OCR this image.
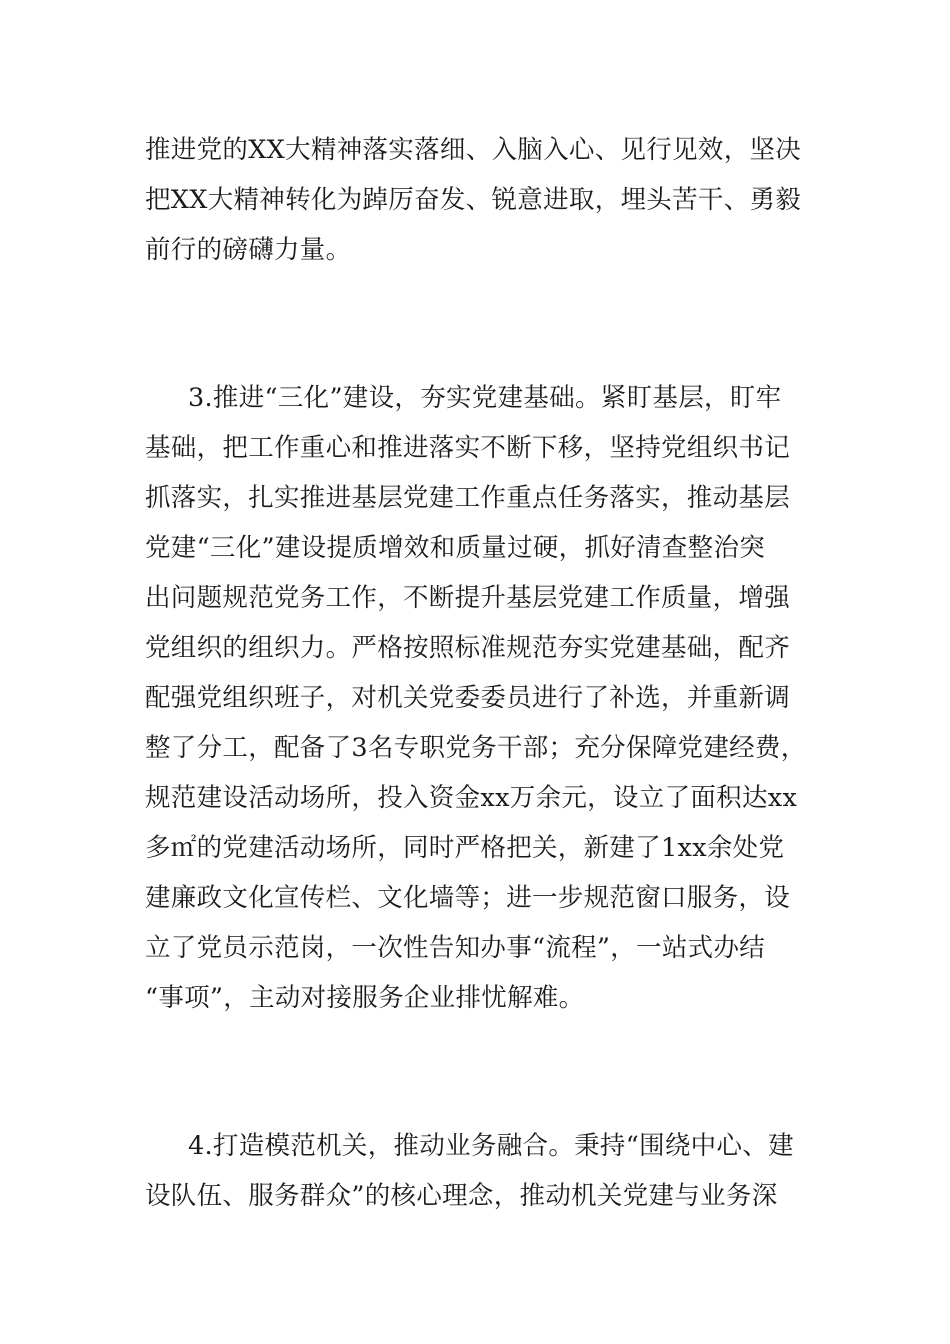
推进党的XX大精神落实落细、入脑入心、见行见效，坚决
把XX大精神转化为踔厉奋发、锐意进取，埋头苦干、勇毅
前行的磅礴力量。
3.推进“三化”建设，夯实党建基础。紧盯基层，盯牢
基础，把工作重心和推进落实不断下移，坚持党组织书记
抓落实，扎实推进基层党建工作重点任务落实，推动基层
党建“三化”建设提质增效和质量过硬，抓好清查整治突
出问题规范党务工作，不断提升基层党建工作质量，增强
党组织的组织力。严格按照标准规范夯实党建基础，配齐
配强党组织班子，对机关党委委员进行了补选，并重新调
整了分工，配备了3名专职党务干部；充分保障党建经费，
规范建设活动场所，投入资金xx万余元，设立了面积达xx
多㎡的党建活动场所，同时严格把关，新建了1xx余处党
建廉政文化宣传栏、文化墙等；进一步规范窗口服务，设
立了党员示范岗，一次性告知办事“流程”，一站式办结
“事项”，主动对接服务企业排忧解难。
4.打造模范机关，推动业务融合。秉持“围绕中心、建
设队伍、服务群众”的核心理念，推动机关党建与业务深
